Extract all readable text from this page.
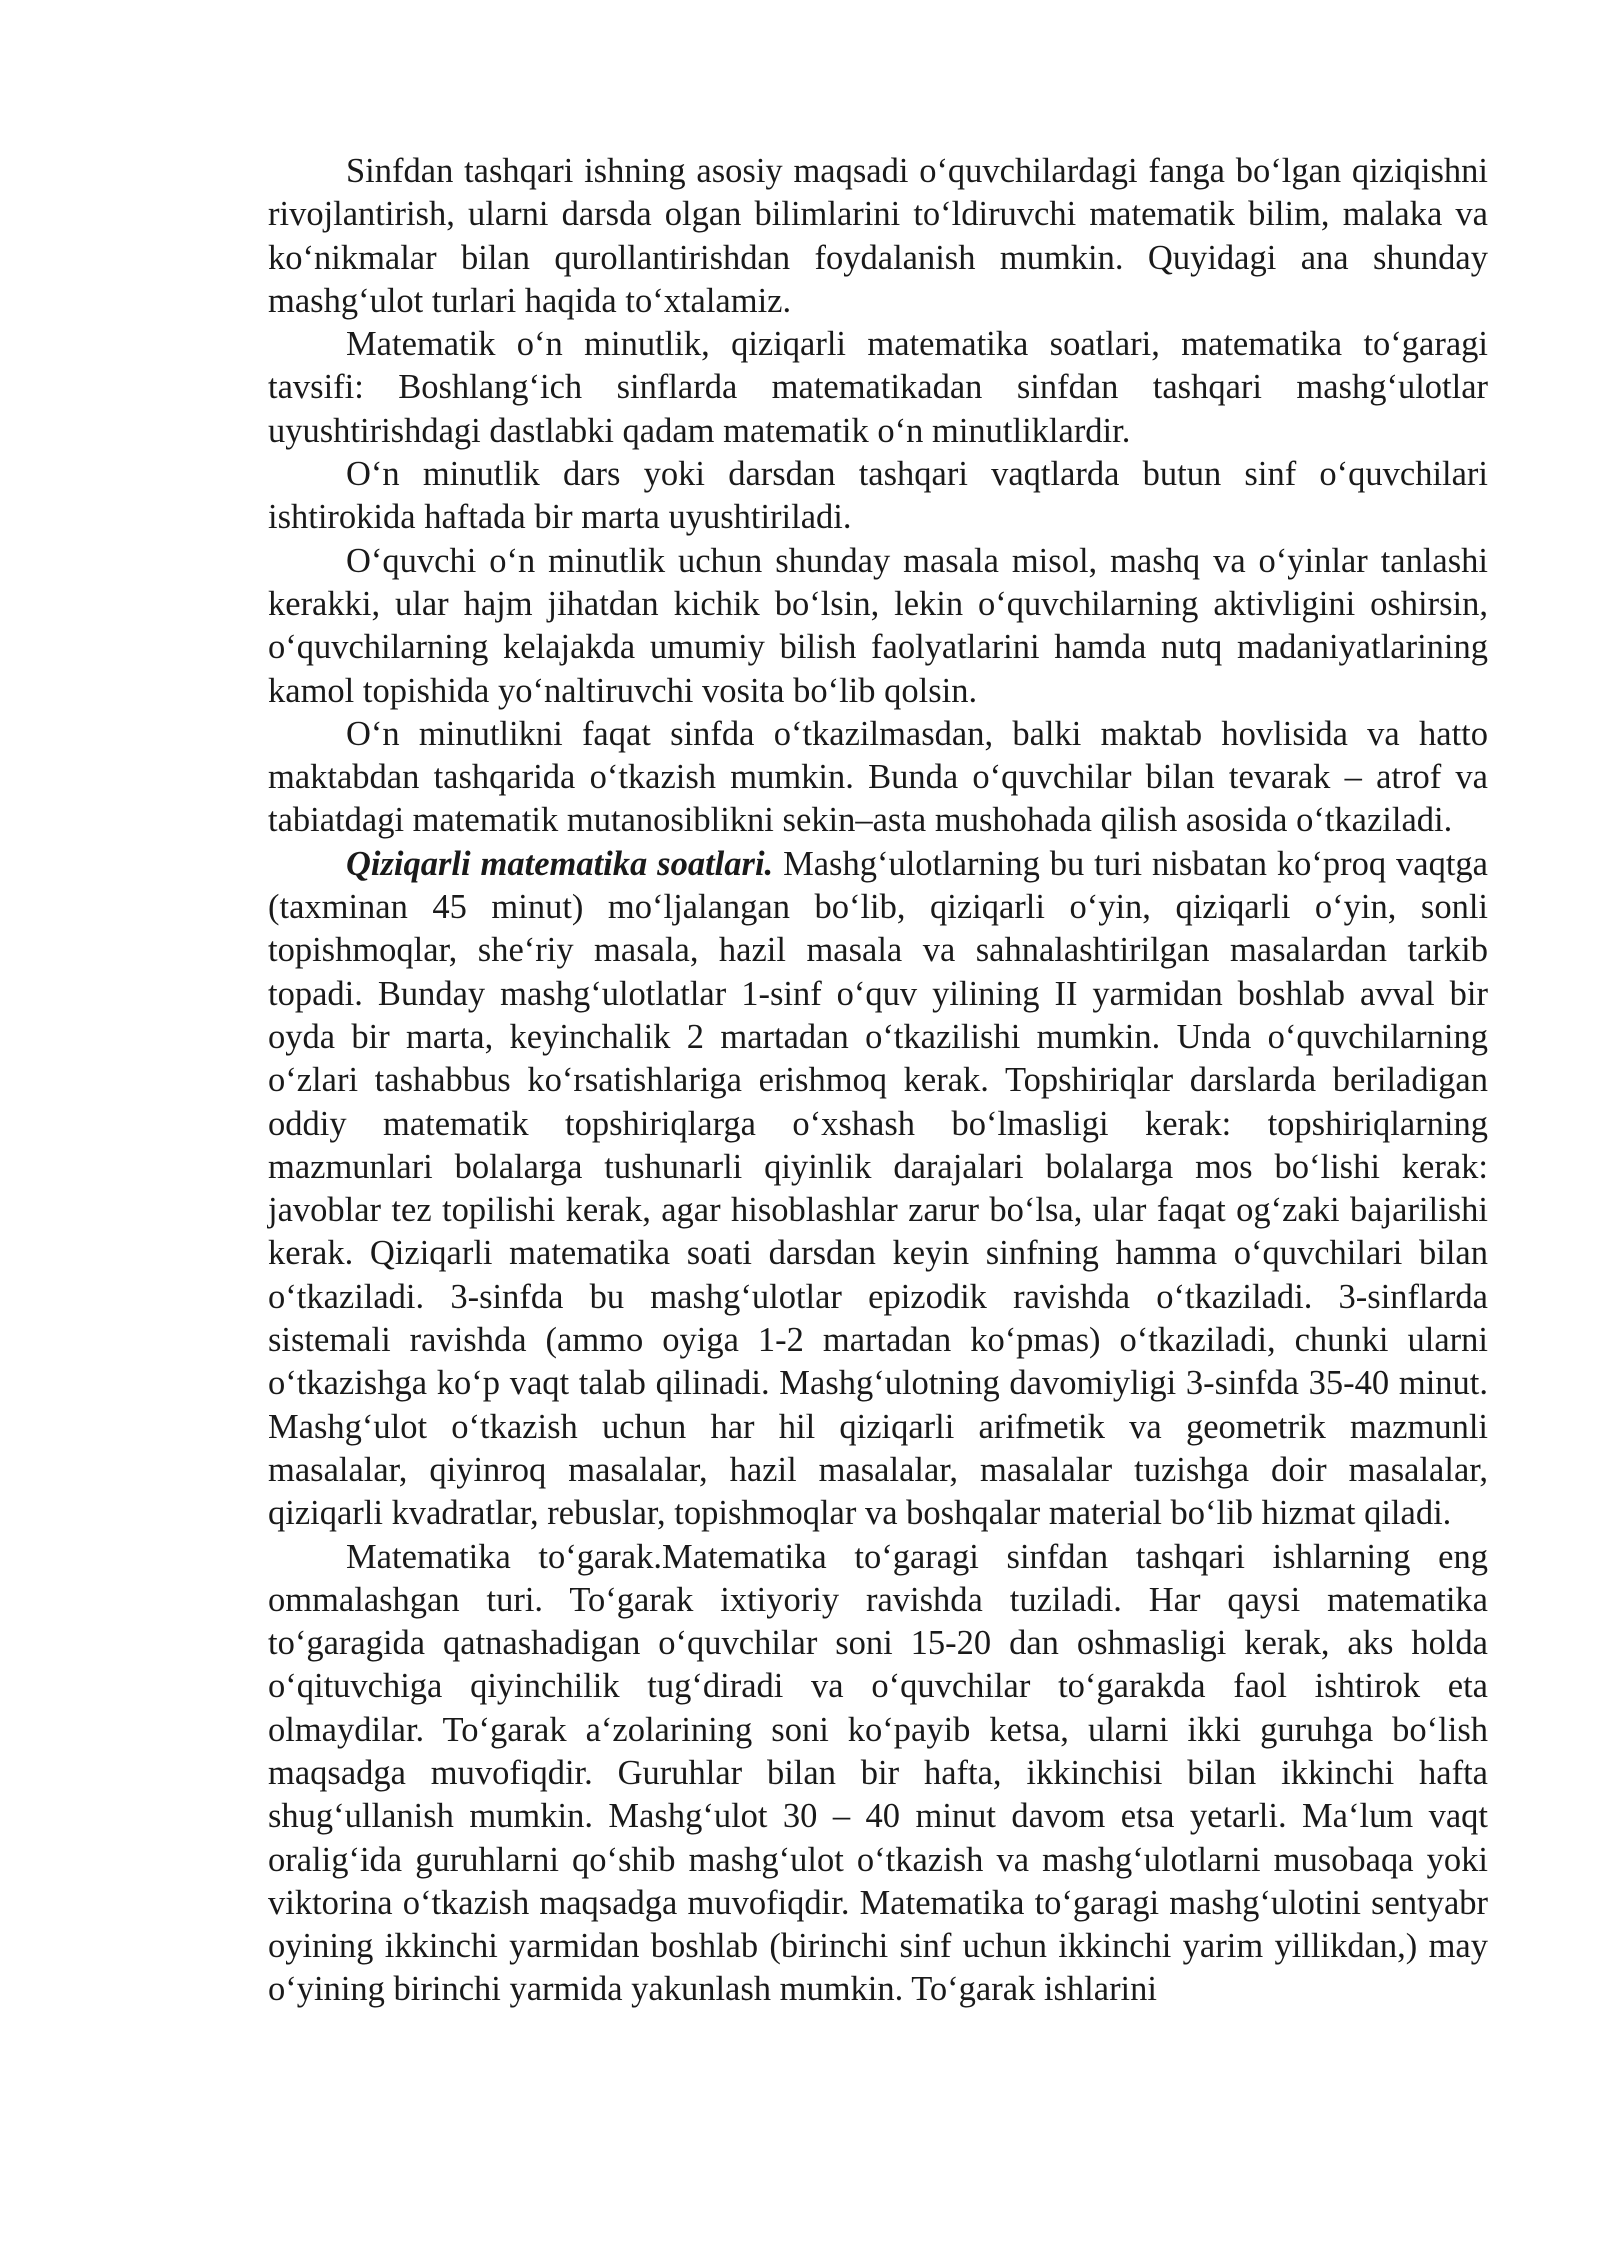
Sinfdan tashqari ishning asosiy maqsadi o‘quvchilardagi fanga bo‘lgan qiziqishni rivojlantirish, ularni darsda olgan bilimlarini to‘ldiruvchi matematik bilim, malaka va ko‘nikmalar bilan qurollantirishdan foydalanish mumkin. Quyidagi ana shunday mashg‘ulot turlari haqida to‘xtalamiz.

Matematik o‘n minutlik, qiziqarli matematika soatlari, matematika to‘garagi tavsifi: Boshlang‘ich sinflarda matematikadan sinfdan tashqari mashg‘ulotlar uyushtirishdagi dastlabki qadam matematik o‘n minutliklardir.

O‘n minutlik dars yoki darsdan tashqari vaqtlarda butun sinf o‘quvchilari ishtirokida haftada bir marta uyushtiriladi.

O‘quvchi o‘n minutlik uchun shunday masala misol, mashq va o‘yinlar tanlashi kerakki, ular hajm jihatdan kichik bo‘lsin, lekin o‘quvchilarning aktivligini oshirsin, o‘quvchilarning kelajakda umumiy bilish faolyatlarini hamda nutq madaniyatlarining kamol topishida yo‘naltiruvchi vosita bo‘lib qolsin.

O‘n minutlikni faqat sinfda o‘tkazilmasdan, balki maktab hovlisida va hatto maktabdan tashqarida o‘tkazish mumkin. Bunda o‘quvchilar bilan tevarak – atrof va tabiatdagi matematik mutanosiblikni sekin–asta mushohada qilish asosida o‘tkaziladi.

Qiziqarli matematika soatlari. Mashg‘ulotlarning bu turi nisbatan ko‘proq vaqtga (taxminan 45 minut) mo‘ljalangan bo‘lib, qiziqarli o‘yin, qiziqarli o‘yin, sonli topishmoqlar, she‘riy masala, hazil masala va sahnalashtirilgan masalardan tarkib topadi. Bunday mashg‘ulotlatlar 1-sinf o‘quv yilining II yarmidan boshlab avval bir oyda bir marta, keyinchalik 2 martadan o‘tkazilishi mumkin. Unda o‘quvchilarning o‘zlari tashabbus ko‘rsatishlariga erishmoq kerak. Topshiriqlar darslarda beriladigan oddiy matematik topshiriqlarga o‘xshash bo‘lmasligi kerak: topshiriqlarning mazmunlari bolalarga tushunarli qiyinlik darajalari bolalarga mos bo‘lishi kerak: javoblar tez topilishi kerak, agar hisoblashlar zarur bo‘lsa, ular faqat og‘zaki bajarilishi kerak. Qiziqarli matematika soati darsdan keyin sinfning hamma o‘quvchilari bilan o‘tkaziladi. 3-sinfda bu mashg‘ulotlar epizodik ravishda o‘tkaziladi. 3-sinflarda sistemali ravishda (ammo oyiga 1-2 martadan ko‘pmas) o‘tkaziladi, chunki ularni o‘tkazishga ko‘p vaqt talab qilinadi. Mashg‘ulotning davomiyligi 3-sinfda 35-40 minut. Mashg‘ulot o‘tkazish uchun har hil qiziqarli arifmetik va geometrik mazmunli masalalar, qiyinroq masalalar, hazil masalalar, masalalar tuzishga doir masalalar, qiziqarli kvadratlar, rebuslar, topishmoqlar va boshqalar material bo‘lib hizmat qiladi.

Matematika to‘garak.Matematika to‘garagi sinfdan tashqari ishlarning eng ommalashgan turi. To‘garak ixtiyoriy ravishda tuziladi. Har qaysi matematika to‘garagida qatnashadigan o‘quvchilar soni 15-20 dan oshmasligi kerak, aks holda o‘qituvchiga qiyinchilik tug‘diradi va o‘quvchilar to‘garakda faol ishtirok eta olmaydilar. To‘garak a‘zolarining soni ko‘payib ketsa, ularni ikki guruhga bo‘lish maqsadga muvofiqdir. Guruhlar bilan bir hafta, ikkinchisi bilan ikkinchi hafta shug‘ullanish mumkin. Mashg‘ulot 30 – 40 minut davom etsa yetarli. Ma‘lum vaqt oralig‘ida guruhlarni qo‘shib mashg‘ulot o‘tkazish va mashg‘ulotlarni musobaqa yoki viktorina o‘tkazish maqsadga muvofiqdir. Matematika to‘garagi mashg‘ulotini sentyabr oyining ikkinchi yarmidan boshlab (birinchi sinf uchun ikkinchi yarim yillikdan,) may o‘yining birinchi yarmida yakunlash mumkin. To‘garak ishlarini
